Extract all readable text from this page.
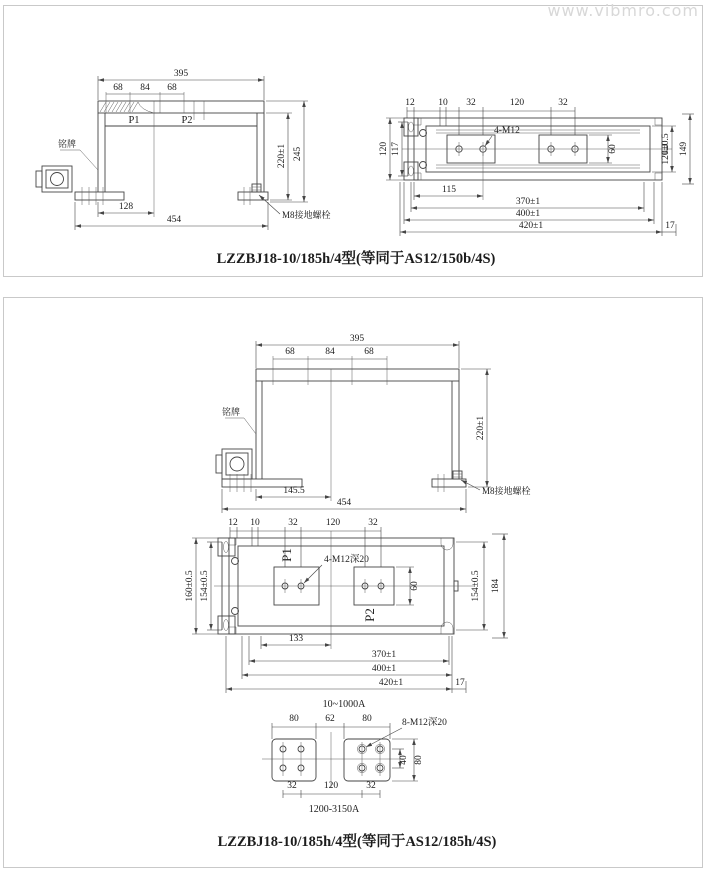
www.vibmro.com
P1	P2
M8接地螺栓
铭牌
395
68 84 68
220±1 245
128
454
4-M12
12 10 32	120	32
117
120	120±0.5 149
60
115
370±1
400±1
420±1	17
LZZBJ18-10/185h/4型(等同于AS12/150b/4S)
M8接地螺栓
铭牌
395
68	84	68
220±1
145.5
454
P1
P2
4-M12深20
12 10	32	120	32
160±0.5 154±0.5	154±0.5 184
60
133
370±1
400±1
420±1	17
10~1000A
80	62	80	8-M12深20
40 80
32	120	32
1200-3150A
LZZBJ18-10/185h/4型(等同于AS12/185h/4S)
